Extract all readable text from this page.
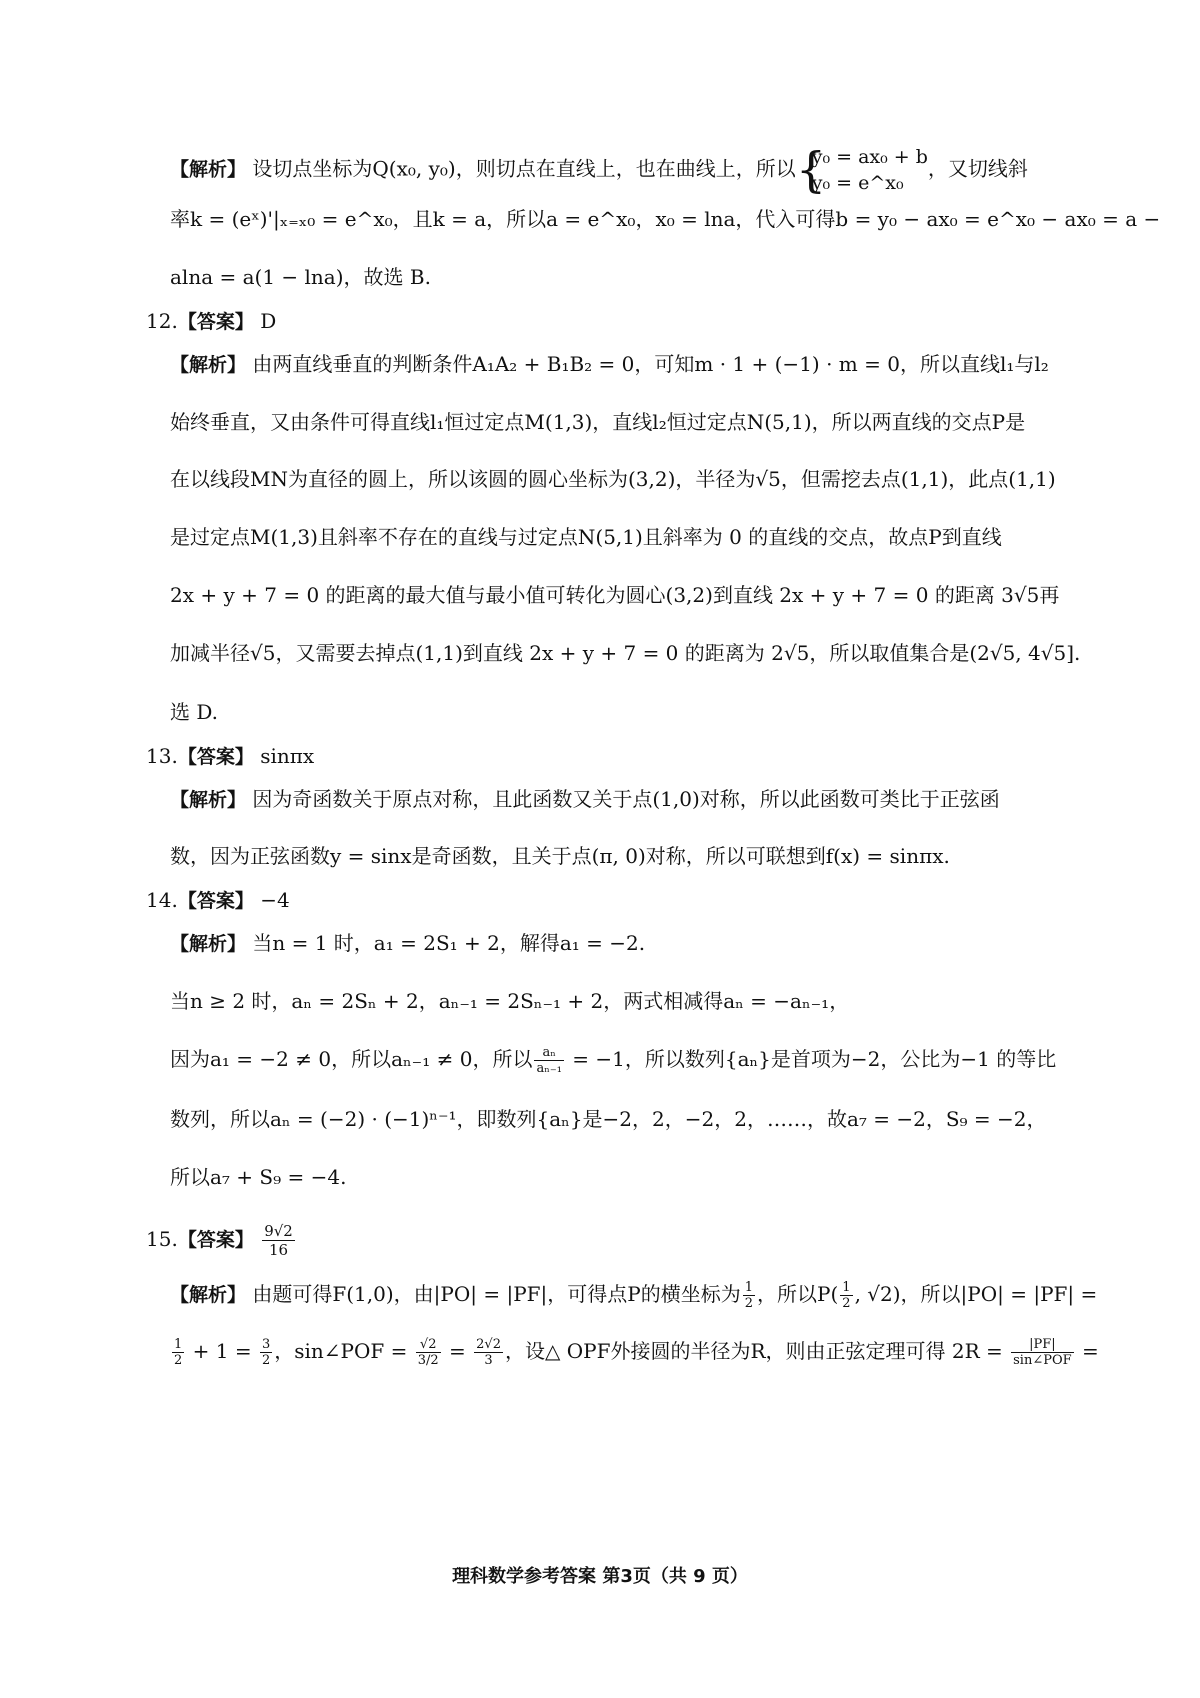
【解析】 设切点坐标为Q(x₀, y₀)，则切点在直线上，也在曲线上，所以
{ y₀ = ax₀ + b
y₀ = e^x₀
，又切线斜
率k = (eˣ)'|ₓ₌ₓ₀ = e^x₀，且k = a，所以a = e^x₀，x₀ = lna，代入可得b = y₀ − ax₀ = e^x₀ − ax₀ = a −
alna = a(1 − lna)，故选 B.
12.【答案】 D
【解析】 由两直线垂直的判断条件A₁A₂ + B₁B₂ = 0，可知m · 1 + (−1) · m = 0，所以直线l₁与l₂
始终垂直，又由条件可得直线l₁恒过定点M(1,3)，直线l₂恒过定点N(5,1)，所以两直线的交点P是
在以线段MN为直径的圆上，所以该圆的圆心坐标为(3,2)，半径为√5，但需挖去点(1,1)，此点(1,1)
是过定点M(1,3)且斜率不存在的直线与过定点N(5,1)且斜率为 0 的直线的交点，故点P到直线
2x + y + 7 = 0 的距离的最大值与最小值可转化为圆心(3,2)到直线 2x + y + 7 = 0 的距离 3√5再
加减半径√5，又需要去掉点(1,1)到直线 2x + y + 7 = 0 的距离为 2√5，所以取值集合是(2√5, 4√5].
选 D.
13.【答案】 sinπx
【解析】 因为奇函数关于原点对称，且此函数又关于点(1,0)对称，所以此函数可类比于正弦函
数，因为正弦函数y = sinx是奇函数，且关于点(π, 0)对称，所以可联想到f(x) = sinπx.
14.【答案】 −4
【解析】 当n = 1 时，a₁ = 2S₁ + 2，解得a₁ = −2.
当n ≥ 2 时，aₙ = 2Sₙ + 2，aₙ₋₁ = 2Sₙ₋₁ + 2，两式相减得aₙ = −aₙ₋₁，
因为a₁ = −2 ≠ 0，所以aₙ₋₁ ≠ 0，所以 $\frac{\text{aₙ}}{\text{aₙ₋₁}} = -1$，所以数列{aₙ}是首项为−2，公比为−1 的等比
数列，所以aₙ = (−2) · (−1)ⁿ⁻¹，即数列{aₙ}是−2，2，−2，2，……，故a₇ = −2，S₉ = −2，
所以a₇ + S₉ = −4.
15.【答案】 $\frac{9√2}{16}$
【解析】 由题可得F(1,0)，由|PO| = |PF|，可得点P的横坐标为 $\frac{1}{2}$ ，所以$P( \frac{1}{2}$ , √2)，所以|PO| = |PF| =
$\frac{1}{2} + 1 = \frac{3}{2}$ ，sin∠POF = $\frac{√2}{3/2} = \frac{2√2}{3}$ ，设△ OPF外接圆的半径为R，则由正弦定理可得 $2R = \frac{|PF|}{\text{sin∠POF}}$ =
理科数学参考答案 第3页（共 9 页）
